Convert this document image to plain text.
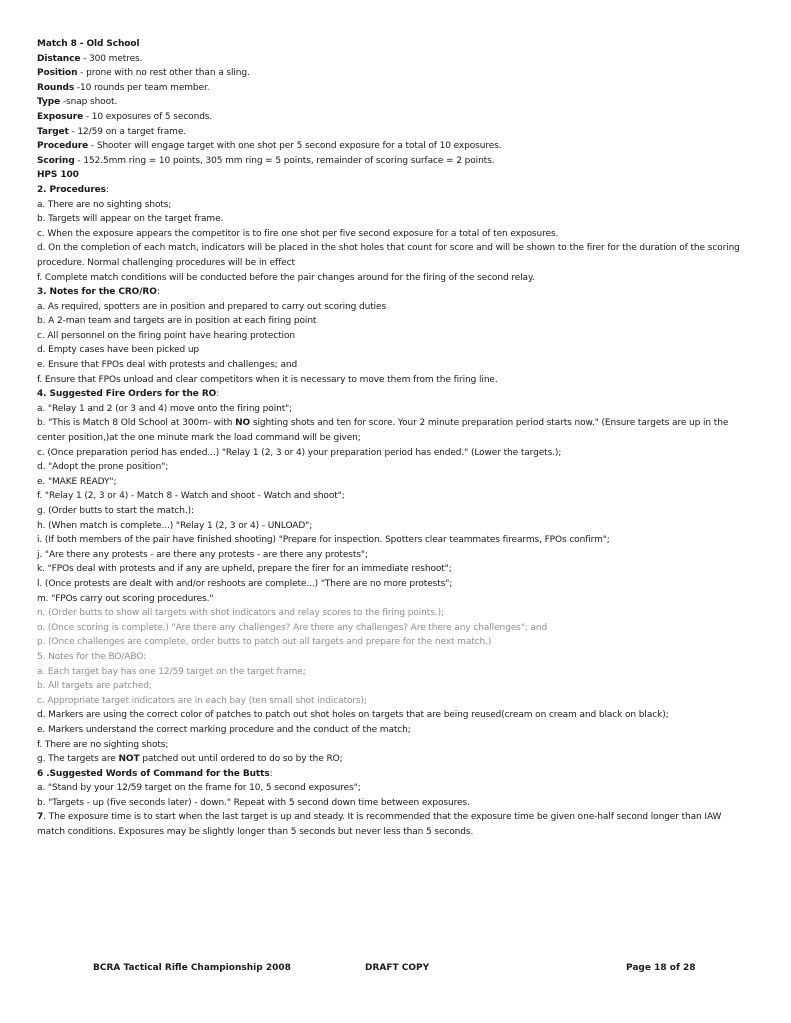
Match 8 - Old School
Distance - 300 metres.
Position - prone with no rest other than a sling.
Rounds -10 rounds per team member.
Type -snap shoot.
Exposure - 10 exposures of 5 seconds.
Target - 12/59 on a target frame.
Procedure - Shooter will engage target with one shot per 5 second exposure for a total of 10 exposures.
Scoring - 152.5mm ring = 10 points, 305 mm ring = 5 points, remainder of scoring surface = 2 points.
HPS 100
2. Procedures:
a. There are no sighting shots;
b. Targets will appear on the target frame.
c. When the exposure appears the competitor is to fire one shot per five second exposure for a total of ten exposures.
d. On the completion of each match, indicators will be placed in the shot holes that count for score and will be shown to the firer for the duration of the scoring procedure. Normal challenging procedures will be in effect
f. Complete match conditions will be conducted before the pair changes around for the firing of the second relay.
3. Notes for the CRO/RO:
a. As required, spotters are in position and prepared to carry out scoring duties
b. A 2-man team and targets are in position at each firing point
c. All personnel on the firing point have hearing protection
d. Empty cases have been picked up
e. Ensure that FPOs deal with protests and challenges; and
f. Ensure that FPOs unload and clear competitors when it is necessary to move them from the firing line.
4. Suggested Fire Orders for the RO:
a. "Relay 1 and 2 (or 3 and 4) move onto the firing point";
b. "This is Match 8 Old School at 300m- with NO sighting shots and ten for score. Your 2 minute preparation period starts now." (Ensure targets are up in the center position,)at the one minute mark the load command will be given;
c. (Once preparation period has ended...) "Relay 1 (2, 3 or 4) your preparation period has ended." (Lower the targets.);
d. "Adopt the prone position";
e. "MAKE READY";
f. "Relay 1 (2, 3 or 4) - Match 8 - Watch and shoot - Watch and shoot";
g. (Order butts to start the match.):
h. (When match is complete...) "Relay 1 (2, 3 or 4) - UNLOAD";
i. (If both members of the pair have finished shooting) "Prepare for inspection. Spotters clear teammates firearms, FPOs confirm";
j. "Are there any protests - are there any protests - are there any protests";
k. "FPOs deal with protests and if any are upheld, prepare the firer for an immediate reshoot";
l. (Once protests are dealt with and/or reshoots are complete...) "There are no more protests";
m. "FPOs carry out scoring procedures."
n. (Order butts to show all targets with shot indicators and relay scores to the firing points.);
o. (Once scoring is complete.) "Are there any challenges? Are there any challenges? Are there any challenges"; and
p. (Once challenges are complete, order butts to patch out all targets and prepare for the next match.)
5. Notes for the BO/ABO:
a. Each target bay has one 12/59 target on the target frame;
b. All targets are patched;
c. Appropriate target indicators are in each bay (ten small shot indicators);
d. Markers are using the correct color of patches to patch out shot holes on targets that are being reused(cream on cream and black on black);
e. Markers understand the correct marking procedure and the conduct of the match;
f. There are no sighting shots;
g. The targets are NOT patched out until ordered to do so by the RO;
6 .Suggested Words of Command for the Butts:
a. "Stand by your 12/59 target on the frame for 10, 5 second exposures";
b. "Targets - up (five seconds later) - down." Repeat with 5 second down time between exposures.
7. The exposure time is to start when the last target is up and steady. It is recommended that the exposure time be given one-half second longer than IAW match conditions. Exposures may be slightly longer than 5 seconds but never less than 5 seconds.
BCRA Tactical Rifle Championship 2008	DRAFT COPY	Page 18 of 28
